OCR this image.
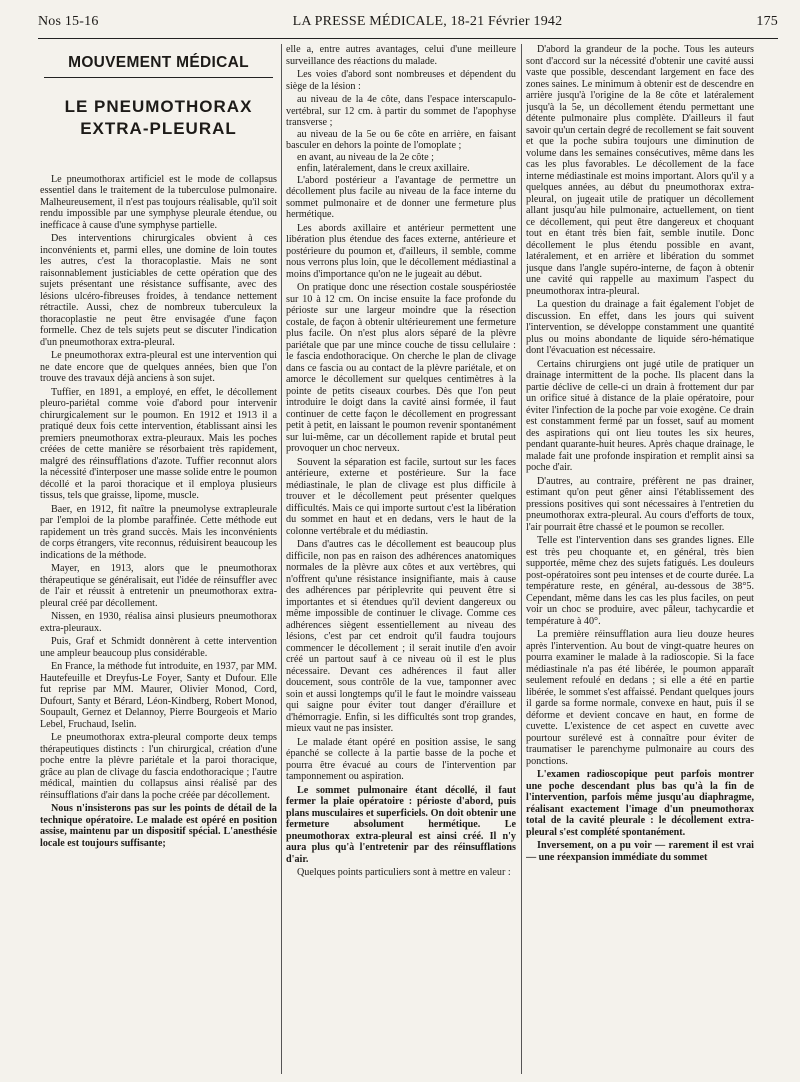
Nos 15-16	LA PRESSE MÉDICALE, 18-21 Février 1942	175
MOUVEMENT MÉDICAL
LE PNEUMOTHORAX
EXTRA-PLEURAL

Le pneumothorax artificiel est le mode de collapsus essentiel dans le traitement de la tuberculose pulmonaire. Malheureusement, il n'est pas toujours réalisable, qu'il soit rendu impossible par une symphyse pleurale étendue, ou inefficace à cause d'une symphyse partielle.

Des interventions chirurgicales obvient à ces inconvénients et, parmi elles, une domine de loin toutes les autres, c'est la thoracoplastie. Mais ne sont raisonnablement justiciables de cette opération que des sujets présentant une résistance suffisante, avec des lésions ulcéro-fibreuses froides, à tendance nettement rétractile. Aussi, chez de nombreux tuberculeux la thoracoplastie ne peut être envisagée d'une façon formelle. Chez de tels sujets peut se discuter l'indication d'un pneumothorax extra-pleural.

Le pneumothorax extra-pleural est une intervention qui ne date encore que de quelques années, bien que l'on trouve des travaux déjà anciens à son sujet.

Tuffier, en 1891, a employé, en effet, le décollement pleuro-pariétal comme voie d'abord pour intervenir chirurgicalement sur le poumon. En 1912 et 1913 il a pratiqué deux fois cette intervention, établissant ainsi les premiers pneumothorax extra-pleuraux. Mais les poches créées de cette manière se résorbaient très rapidement, malgré des réinsufflations d'azote. Tuffier reconnut alors la nécessité d'interposer une masse solide entre le poumon décollé et la paroi thoracique et il employa plusieurs tissus, tels que graisse, lipome, muscle.

Baer, en 1912, fit naître la pneumolyse extrapleurale par l'emploi de la plombe paraffinée. Cette méthode eut rapidement un très grand succès. Mais les inconvénients de corps étrangers, vite reconnus, réduisirent beaucoup les indications de la méthode.

Mayer, en 1913, alors que le pneumothorax thérapeutique se généralisait, eut l'idée de réinsuffler avec de l'air et réussit à entretenir un pneumothorax extra-pleural créé par décollement.

Nissen, en 1930, réalisa ainsi plusieurs pneumothorax extra-pleuraux.

Puis, Graf et Schmidt donnèrent à cette intervention une ampleur beaucoup plus considérable.

En France, la méthode fut introduite, en 1937, par MM. Hautefeuille et Dreyfus-Le Foyer, Santy et Dufour. Elle fut reprise par MM. Maurer, Olivier Monod, Cord, Dufourt, Santy et Bérard, Léon-Kindberg, Robert Monod, Soupault, Gernez et Delannoy, Pierre Bourgeois et Mario Lebel, Fruchaud, Iselin.

Le pneumothorax extra-pleural comporte deux temps thérapeutiques distincts : l'un chirurgical, création d'une poche entre la plèvre pariétale et la paroi thoracique, grâce au plan de clivage du fascia endothoracique ; l'autre médical, maintien du collapsus ainsi réalisé par des réinsufflations d'air dans la poche créée par décollement.

Nous n'insisterons pas sur les points de détail de la technique opératoire. Le malade est opéré en position assise, maintenu par un dispositif spécial. L'anesthésie locale est toujours suffisante;

elle a, entre autres avantages, celui d'une meilleure surveillance des réactions du malade.

Les voies d'abord sont nombreuses et dépendent du siège de la lésion :

au niveau de la 4e côte, dans l'espace interscapulo-vertébral, sur 12 cm. à partir du sommet de l'apophyse transverse ;

au niveau de la 5e ou 6e côte en arrière, en faisant basculer en dehors la pointe de l'omoplate ;

en avant, au niveau de la 2e côte ;

enfin, latéralement, dans le creux axillaire.

L'abord postérieur a l'avantage de permettre un décollement plus facile au niveau de la face interne du sommet pulmonaire et de donner une fermeture plus hermétique.

Les abords axillaire et antérieur permettent une libération plus étendue des faces externe, antérieure et postérieure du poumon et, d'ailleurs, il semble, comme nous verrons plus loin, que le décollement médiastinal a moins d'importance qu'on ne le jugeait au début.

On pratique donc une résection costale souspériostée sur 10 à 12 cm. On incise ensuite la face profonde du périoste sur une largeur moindre que la résection costale, de façon à obtenir ultérieurement une fermeture plus facile. On n'est plus alors séparé de la plèvre pariétale que par une mince couche de tissu cellulaire : le fascia endothoracique. On cherche le plan de clivage dans ce fascia ou au contact de la plèvre pariétale, et on amorce le décollement sur quelques centimètres à la pointe de petits ciseaux courbes. Dès que l'on peut introduire le doigt dans la cavité ainsi formée, il faut continuer de cette façon le décollement en progressant petit à petit, en laissant le poumon revenir spontanément sur lui-même, car un décollement rapide et brutal peut provoquer un choc nerveux.

Souvent la séparation est facile, surtout sur les faces antérieure, externe et postérieure. Sur la face médiastinale, le plan de clivage est plus difficile à trouver et le décollement peut présenter quelques difficultés. Mais ce qui importe surtout c'est la libération du sommet en haut et en dedans, vers le haut de la colonne vertébrale et du médiastin.

Dans d'autres cas le décollement est beaucoup plus difficile, non pas en raison des adhérences anatomiques normales de la plèvre aux côtes et aux vertèbres, qui n'offrent qu'une résistance insignifiante, mais à cause des adhérences par périplevrite qui peuvent être si importantes et si étendues qu'il devient dangereux ou même impossible de continuer le clivage. Comme ces adhérences siègent essentiellement au niveau des lésions, c'est par cet endroit qu'il faudra toujours commencer le décollement ; il serait inutile d'en avoir créé un partout sauf à ce niveau où il est le plus nécessaire. Devant ces adhérences il faut aller doucement, sous contrôle de la vue, tamponner avec soin et aussi longtemps qu'il le faut le moindre vaisseau qui saigne pour éviter tout danger d'éraillure et d'hémorragie. Enfin, si les difficultés sont trop grandes, mieux vaut ne pas insister.

Le malade étant opéré en position assise, le sang épanché se collecte à la partie basse de la poche et pourra être évacué au cours de l'intervention par tamponnement ou aspiration.

Le sommet pulmonaire étant décollé, il faut fermer la plaie opératoire : périoste d'abord, puis plans musculaires et superficiels. On doit obtenir une fermeture absolument hermétique. Le pneumothorax extra-pleural est ainsi créé. Il n'y aura plus qu'à l'entretenir par des réinsufflations d'air.

Quelques points particuliers sont à mettre en valeur :

D'abord la grandeur de la poche. Tous les auteurs sont d'accord sur la nécessité d'obtenir une cavité aussi vaste que possible, descendant largement en face des zones saines. Le minimum à obtenir est de descendre en arrière jusqu'à l'origine de la 8e côte et latéralement jusqu'à la 5e, un décollement étendu permettant une détente pulmonaire plus complète. D'ailleurs il faut savoir qu'un certain degré de recollement se fait souvent et que la poche subira toujours une diminution de volume dans les semaines consécutives, même dans les cas les plus favorables. Le décollement de la face interne médiastinale est moins important. Alors qu'il y a quelques années, au début du pneumothorax extra-pleural, on jugeait utile de pratiquer un décollement allant jusqu'au hile pulmonaire, actuellement, on tient ce décollement, qui peut être dangereux et choquant tout en étant très bien fait, semble inutile. Donc décollement le plus étendu possible en avant, latéralement, et en arrière et libération du sommet jusque dans l'angle supéro-interne, de façon à obtenir une cavité qui rappelle au maximum l'aspect du pneumothorax intra-pleural.

La question du drainage a fait également l'objet de discussion. En effet, dans les jours qui suivent l'intervention, se développe constamment une quantité plus ou moins abondante de liquide séro-hématique dont l'évacuation est nécessaire.

Certains chirurgiens ont jugé utile de pratiquer un drainage intermittent de la poche. Ils placent dans la partie déclive de celle-ci un drain à frottement dur par un orifice situé à distance de la plaie opératoire, pour éviter l'infection de la poche par voie exogène. Ce drain est constamment fermé par un fosset, sauf au moment des aspirations qui ont lieu toutes les six heures, pendant quarante-huit heures. Après chaque drainage, le malade fait une profonde inspiration et remplit ainsi sa poche d'air.

D'autres, au contraire, préfèrent ne pas drainer, estimant qu'on peut gêner ainsi l'établissement des pressions positives qui sont nécessaires à l'entretien du pneumothorax extra-pleural. Au cours d'efforts de toux, l'air pourrait être chassé et le poumon se recoller.

Telle est l'intervention dans ses grandes lignes. Elle est très peu choquante et, en général, très bien supportée, même chez des sujets fatigués. Les douleurs post-opératoires sont peu intenses et de courte durée. La température reste, en général, au-dessous de 38°5. Cependant, même dans les cas les plus faciles, on peut voir un choc se produire, avec pâleur, tachycardie et température à 40°.

La première réinsufflation aura lieu douze heures après l'intervention. Au bout de vingt-quatre heures on pourra examiner le malade à la radioscopie. Si la face médiastinale n'a pas été libérée, le poumon apparaît seulement refoulé en dedans ; si elle a été en partie libérée, le sommet s'est affaissé. Pendant quelques jours il garde sa forme normale, convexe en haut, puis il se déforme et devient concave en haut, en forme de cuvette. L'existence de cet aspect en cuvette avec pourtour surélevé est à connaître pour éviter de traumatiser le parenchyme pulmonaire au cours des ponctions.

L'examen radioscopique peut parfois montrer une poche descendant plus bas qu'à la fin de l'intervention, parfois même jusqu'au diaphragme, réalisant exactement l'image d'un pneumothorax total de la cavité pleurale : le décollement extra-pleural s'est complété spontanément.

Inversement, on a pu voir — rarement il est vrai — une réexpansion immédiate du sommet
